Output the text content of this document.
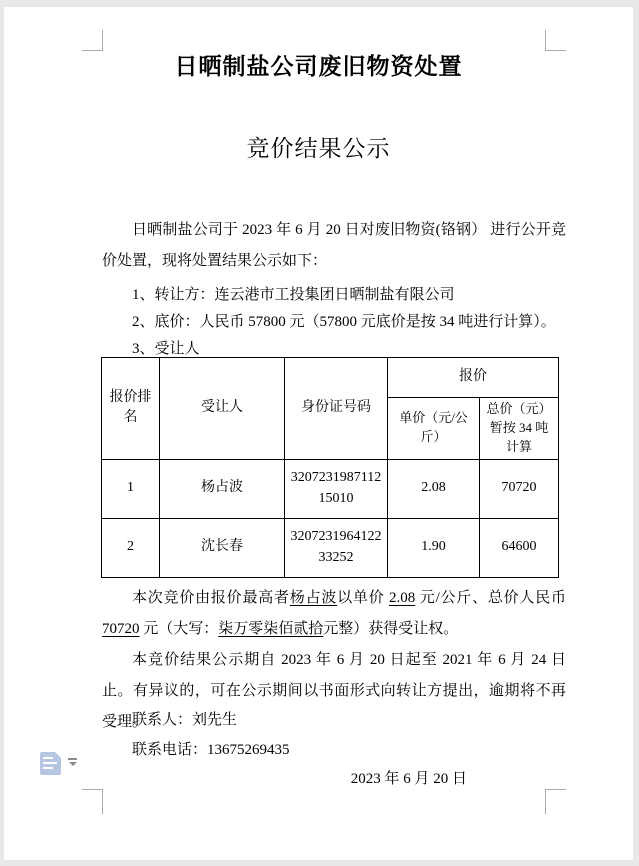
日晒制盐公司废旧物资处置
竞价结果公示
日晒制盐公司于 2023 年 6 月 20 日对废旧物资(铬钢） 进行公开竞价处置，现将处置结果公示如下：
1、转让方：连云港市工投集团日晒制盐有限公司
2、底价：人民币 57800 元（57800 元底价是按 34 吨进行计算）。
3、受让人
报价排名	受让人	身份证号码	报价	
			单价（元/公斤）	总价（元）暂按 34 吨计算
1	杨占波	320723198711215010	2.08	70720
2	沈长春	320723196412233252	1.90	64600
本次竞价由报价最高者杨占波以单价 2.08 元/公斤、总价人民币 70720 元（大写：柒万零柒佰贰拾元整）获得受让权。
本竞价结果公示期自 2023 年 6 月 20 日起至 2021 年 6 月 24 日止。有异议的，可在公示期间以书面形式向转让方提出，逾期将不再受理。
联系人：刘先生
联系电话：13675269435
2023 年 6 月 20 日
